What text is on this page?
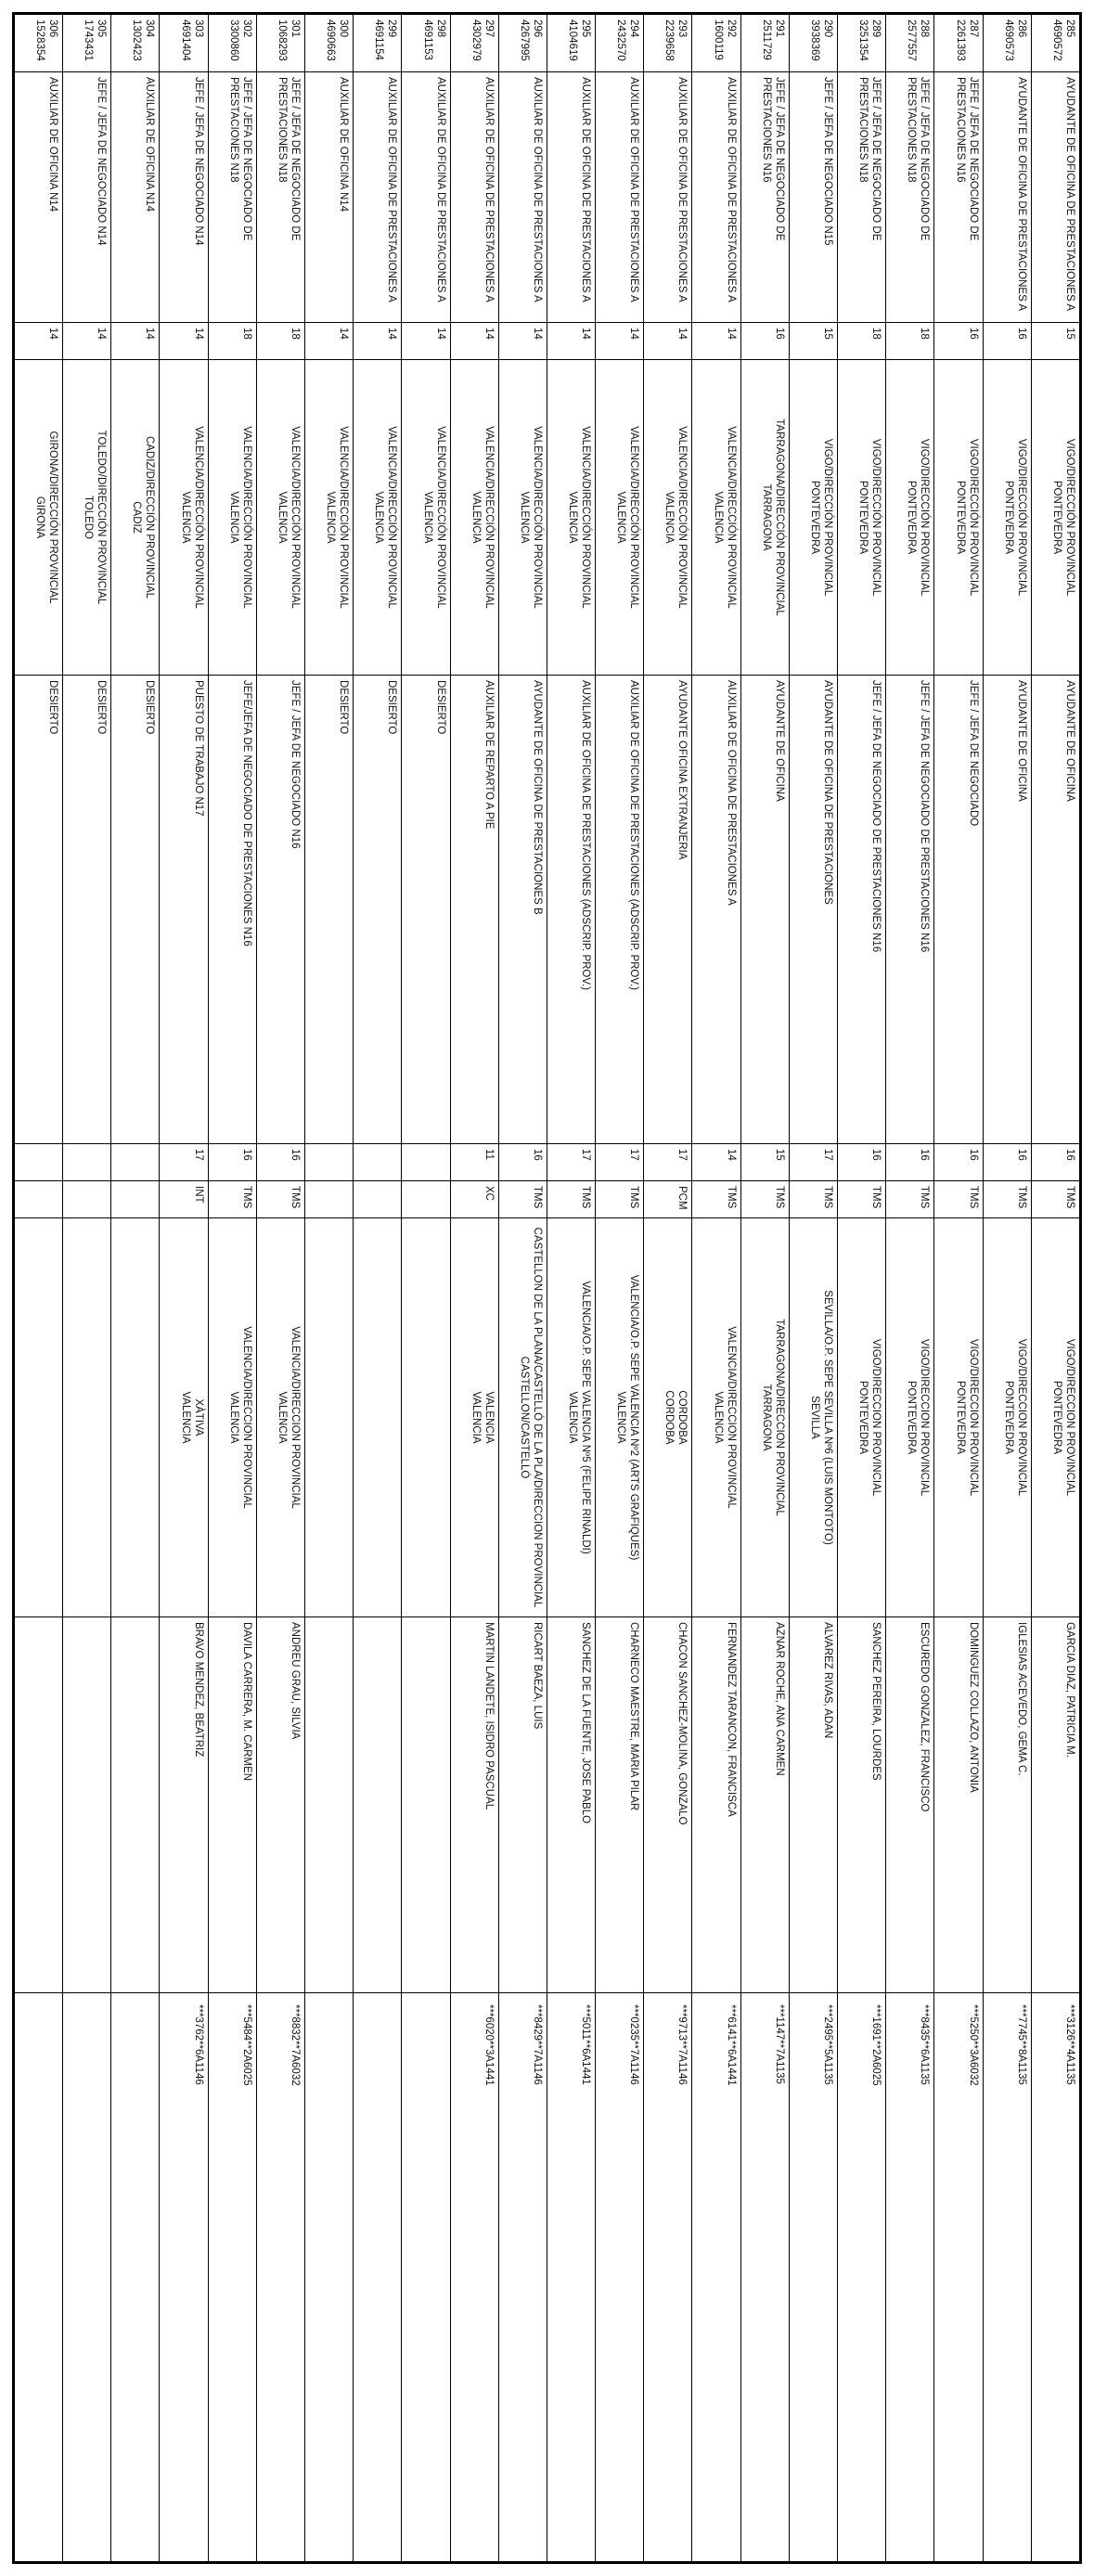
285
4690572
AYUDANTE DE OFICINA DE PRESTACIONES A
15
VIGO/DIRECCIÓN PROVINCIAL
PONTEVEDRA
AYUDANTE DE OFICINA
16
TMS
VIGO/DIRECCION PROVINCIAL
PONTEVEDRA
GARCIA DIAZ, PATRICIA M.
***3126**4A1135
286
4690573
AYUDANTE DE OFICINA DE PRESTACIONES A
16
VIGO/DIRECCIÓN PROVINCIAL
PONTEVEDRA
AYUDANTE DE OFICINA
16
TMS
VIGO/DIRECCION PROVINCIAL
PONTEVEDRA
IGLESIAS ACEVEDO, GEMA C.
***7745**8A1135
287
2261393
JEFE / JEFA DE NEGOCIADO DE PRESTACIONES N16
16
VIGO/DIRECCIÓN PROVINCIAL
PONTEVEDRA
JEFE / JEFA DE NEGOCIADO
16
TMS
VIGO/DIRECCION PROVINCIAL
PONTEVEDRA
DOMINGUEZ COLLAZO, ANTONIA
***5250**3A6032
288
2577557
JEFE / JEFA DE NEGOCIADO DE PRESTACIONES N18
18
VIGO/DIRECCIÓN PROVINCIAL
PONTEVEDRA
JEFE / JEFA DE NEGOCIADO DE PRESTACIONES N16
16
TMS
VIGO/DIRECCION PROVINCIAL
PONTEVEDRA
ESCUREDO GONZALEZ, FRANCISCO
***8435**6A1135
289
3251354
JEFE / JEFA DE NEGOCIADO DE PRESTACIONES N18
18
VIGO/DIRECCIÓN PROVINCIAL
PONTEVEDRA
JEFE / JEFA DE NEGOCIADO DE PRESTACIONES N16
16
TMS
VIGO/DIRECCION PROVINCIAL
PONTEVEDRA
SANCHEZ PEREIRA, LOURDES
***1691**2A6025
290
3938369
JEFE / JEFA DE NEGOCIADO N15
15
VIGO/DIRECCIÓN PROVINCIAL
PONTEVEDRA
AYUDANTE DE OFICINA DE PRESTACIONES
17
TMS
SEVILLA/O.P. SEPE SEVILLA Nº6 (LUIS MONTOTO)
SEVILLA
ALVAREZ RIVAS, ADAN
***2495**5A1135
291
2511729
JEFE / JEFA DE NEGOCIADO DE PRESTACIONES N16
16
TARRAGONA/DIRECCIÓN PROVINCIAL
TARRAGONA
AYUDANTE DE OFICINA
15
TMS
TARRAGONA/DIRECCION PROVINCIAL
TARRAGONA
AZNAR ROCHE, ANA CARMEN
***1147**7A1135
292
1600119
AUXILIAR DE OFICINA DE PRESTACIONES A
14
VALENCIA/DIRECCIÓN PROVINCIAL
VALENCIA
AUXILIAR DE OFICINA DE PRESTACIONES A
14
TMS
VALENCIA/DIRECCION PROVINCIAL
VALENCIA
FERNANDEZ TARANCON, FRANCISCA
***6141**6A1441
293
2239658
AUXILIAR DE OFICINA DE PRESTACIONES A
14
VALENCIA/DIRECCIÓN PROVINCIAL
VALENCIA
AYUDANTE OFICINA EXTRANJERIA
17
PCM
CORDOBA
CORDOBA
CHACON SANCHEZ-MOLINA, GONZALO
***9713**7A1146
294
2432570
AUXILIAR DE OFICINA DE PRESTACIONES A
14
VALENCIA/DIRECCIÓN PROVINCIAL
VALENCIA
AUXILIAR DE OFICINA DE PRESTACIONES (ADSCRIP. PROV.)
17
TMS
VALENCIA/O.P. SEPE VALENCIA Nº2 (ARTS GRAFIQUES)
VALENCIA
CHARNECO MAESTRE, MARIA PILAR
***0235**7A1146
295
4104619
AUXILIAR DE OFICINA DE PRESTACIONES A
14
VALENCIA/DIRECCIÓN PROVINCIAL
VALENCIA
AUXILIAR DE OFICINA DE PRESTACIONES (ADSCRIP. PROV.)
17
TMS
VALENCIA/O.P. SEPE VALENCIA Nº5 (FELIPE RINALDI)
VALENCIA
SANCHEZ DE LA FUENTE, JOSE PABLO
***5011**6A1441
296
4267995
AUXILIAR DE OFICINA DE PRESTACIONES A
14
VALENCIA/DIRECCIÓN PROVINCIAL
VALENCIA
AYUDANTE DE OFICINA DE PRESTACIONES B
16
TMS
CASTELLON DE LA PLANA/CASTELLÓ DE LA PLA/DIRECCION PROVINCIAL
CASTELLON/CASTELLÓ
RICART BAEZA, LUIS
***8429**7A1146
297
4302979
AUXILIAR DE OFICINA DE PRESTACIONES A
14
VALENCIA/DIRECCIÓN PROVINCIAL
VALENCIA
AUXILIAR DE REPARTO A PIE
11
XC
VALENCIA
VALENCIA
MARTIN LANDETE, ISIDRO PASCUAL
***6020**3A1441
298
4691153
AUXILIAR DE OFICINA DE PRESTACIONES A
14
VALENCIA/DIRECCIÓN PROVINCIAL
VALENCIA
DESIERTO
299
4691154
AUXILIAR DE OFICINA DE PRESTACIONES A
14
VALENCIA/DIRECCIÓN PROVINCIAL
VALENCIA
DESIERTO
300
4690663
AUXILIAR DE OFICINA N14
14
VALENCIA/DIRECCIÓN PROVINCIAL
VALENCIA
DESIERTO
301
1068293
JEFE / JEFA DE NEGOCIADO DE PRESTACIONES N18
18
VALENCIA/DIRECCIÓN PROVINCIAL
VALENCIA
JEFE / JEFA DE NEGOCIADO N16
16
TMS
VALENCIA/DIRECCION PROVINCIAL
VALENCIA
ANDREU GRAU, SILVIA
***8832**7A6032
302
3300860
JEFE / JEFA DE NEGOCIADO DE PRESTACIONES N18
18
VALENCIA/DIRECCIÓN PROVINCIAL
VALENCIA
JEFE/JEFA DE NEGOCIADO DE PRESTACIONES N16
16
TMS
VALENCIA/DIRECCION PROVINCIAL
VALENCIA
DAVILA CARRERA, M. CARMEN
***5484**2A6025
303
4691404
JEFE / JEFA DE NEGOCIADO N14
14
VALENCIA/DIRECCIÓN PROVINCIAL
VALENCIA
PUESTO DE TRABAJO N17
17
INT
XÀTIVA
VALENCIA
BRAVO MENDEZ, BEATRIZ
***3762**6A1146
304
1302423
AUXILIAR DE OFICINA N14
14
CADIZ/DIRECCIÓN PROVINCIAL
CADIZ
DESIERTO
305
1743431
JEFE / JEFA DE NEGOCIADO N14
14
TOLEDO/DIRECCIÓN PROVINCIAL
TOLEDO
DESIERTO
306
1528354
AUXILIAR DE OFICINA N14
14
GIRONA/DIRECCIÓN PROVINCIAL
GIRONA
DESIERTO
